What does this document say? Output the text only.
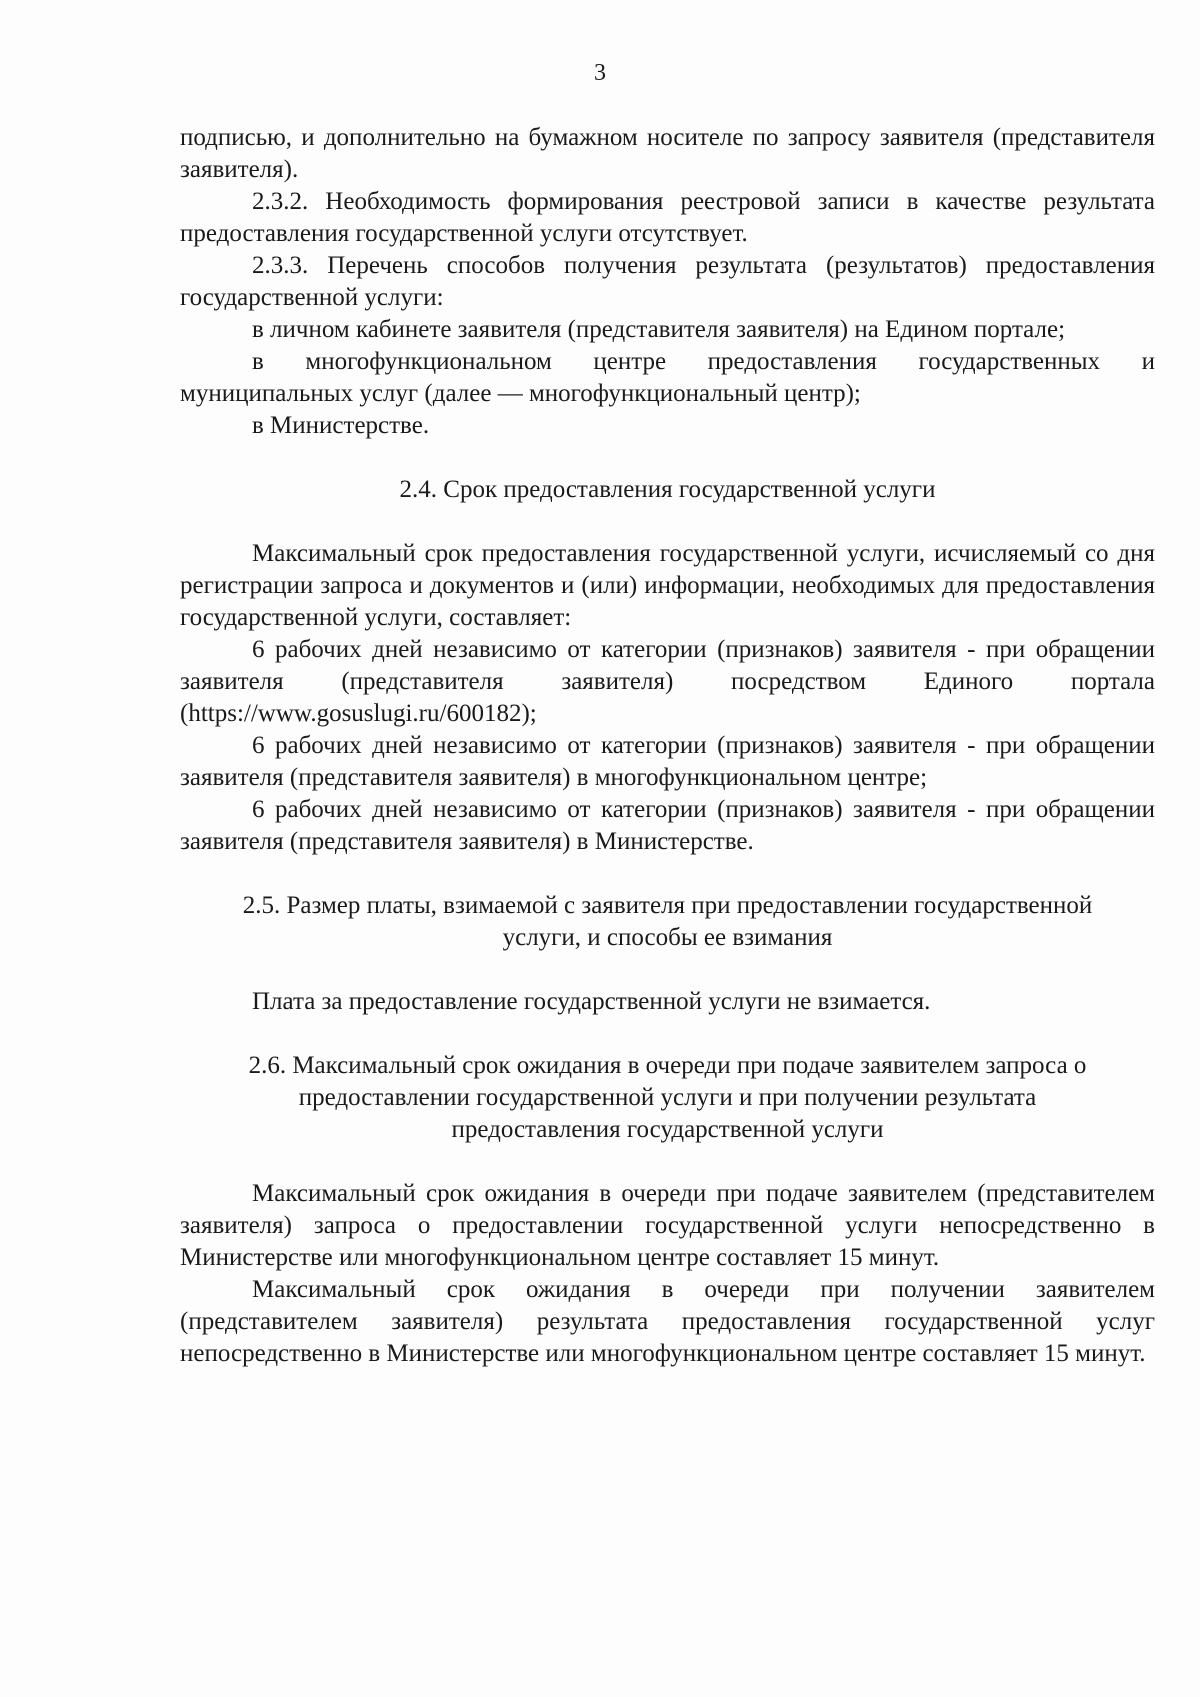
3

подписью, и дополнительно на бумажном носителе по запросу заявителя (представителя заявителя).

2.3.2. Необходимость формирования реестровой записи в качестве результата предоставления государственной услуги отсутствует.

2.3.3. Перечень способов получения результата (результатов) предоставления государственной услуги:

в личном кабинете заявителя (представителя заявителя) на Едином портале;

в многофункциональном центре предоставления государственных и муниципальных услуг (далее — многофункциональный центр);

в Министерстве.

2.4. Срок предоставления государственной услуги

Максимальный срок предоставления государственной услуги, исчисляемый со дня регистрации запроса и документов и (или) информации, необходимых для предоставления государственной услуги, составляет:

6 рабочих дней независимо от категории (признаков) заявителя - при обращении заявителя (представителя заявителя) посредством Единого портала (https://www.gosuslugi.ru/600182);

6 рабочих дней независимо от категории (признаков) заявителя - при обращении заявителя (представителя заявителя) в многофункциональном центре;

6 рабочих дней независимо от категории (признаков) заявителя - при обращении заявителя (представителя заявителя) в Министерстве.

2.5. Размер платы, взимаемой с заявителя при предоставлении государственной
услуги, и способы ее взимания

Плата за предоставление государственной услуги не взимается.

2.6. Максимальный срок ожидания в очереди при подаче заявителем запроса о
предоставлении государственной услуги и при получении результата
предоставления государственной услуги

Максимальный срок ожидания в очереди при подаче заявителем (представителем заявителя) запроса о предоставлении государственной услуги непосредственно в Министерстве или многофункциональном центре составляет 15 минут.

Максимальный срок ожидания в очереди при получении заявителем (представителем заявителя) результата предоставления государственной услуг непосредственно в Министерстве или многофункциональном центре составляет 15 минут.
